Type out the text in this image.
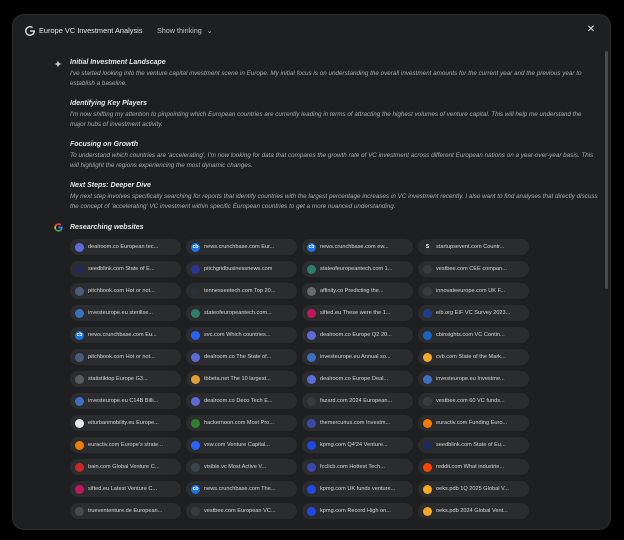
Europe VC Investment Analysis Show thinking ⌄	✕
Initial Investment Landscape

I've started looking into the venture capital investment scene in Europe. My initial focus is on understanding the overall investment amounts for the current year and the previous year to establish a baseline.

Identifying Key Players

I'm now shifting my attention to pinpointing which European countries are currently leading in terms of attracting the highest volumes of venture capital. This will help me understand the major hubs of investment activity.

Focusing on Growth

To understand which countries are 'accelerating', I'm now looking for data that compares the growth rate of VC investment across different European nations on a year-over-year basis. This will highlight the regions experiencing the most dynamic changes.

Next Steps: Deeper Dive

My next step involves specifically searching for reports that identify countries with the largest percentage increases in VC investment recently. I also want to find analyses that directly discuss the concept of 'accelerating' VC investment within specific European countries to get a more nuanced understanding.

Researching websites
dealroom.co European tec...	cb news.crunchbase.com Eur...	cb news.crunchbase.com ew...	S	startupsevent.com Countr...
seedblink.com State of E...	pitchgridbusinessnews.com	stateofeuropeantech.com 1...	vestbee.com CEE compan...
pitchbook.com Hot or not...	tennesseetech.com Top 20...	affinity.co Predicting the...	innovateeurope.com UK F...
investeurope.eu sterilise...	stateofeuropeantech.com...	sifted.eu These were the 1...	eib.org EIF VC Survey 2023...
cb news.crunchbase.com Eu...	svc.com Which countries...	dealroom.co Europe Q2 20...	cbinsights.com VC Contin...
pitchbook.com Hot or not...	dealroom.co The State of...	investeurope.eu Annual so...	cvb.com State of the Mark...
statistiktop Europe G3...	tbbeta.net The 10 largest...	dealroom.co Europe Deal...	investeurope.eu Investme...
investeurope.eu C14B Billi...	dealroom.co Deco Tech E...	fazard.com 2024 European...	vestbee.com 60 VC funds...
eiturbanmobility.eu Europe...	hackernoon.com Most Pro...	themercurius.com Investm...	euractiv.com Funding Euro...
euractiv.com Europe's strate...	vsw.com Venture Capital...	kpmg.com Q4'24 Venture...	seedblink.com State of Eu...
bain.com Global Venture C...	visible.vc Most Active V...	fcclicb.com Hottest Tech...	reddit.com What industrie...
sifted.eu Latest Venture C...	cb news.crunchbase.com The...	kpmg.com UK funds venture...	oeks.pdb 1Q 2025 Global V...
truevententure.de European...	vestbee.com European VC...	kpmg.com Record High on...	oeks.pdb 2024 Global Vent...
